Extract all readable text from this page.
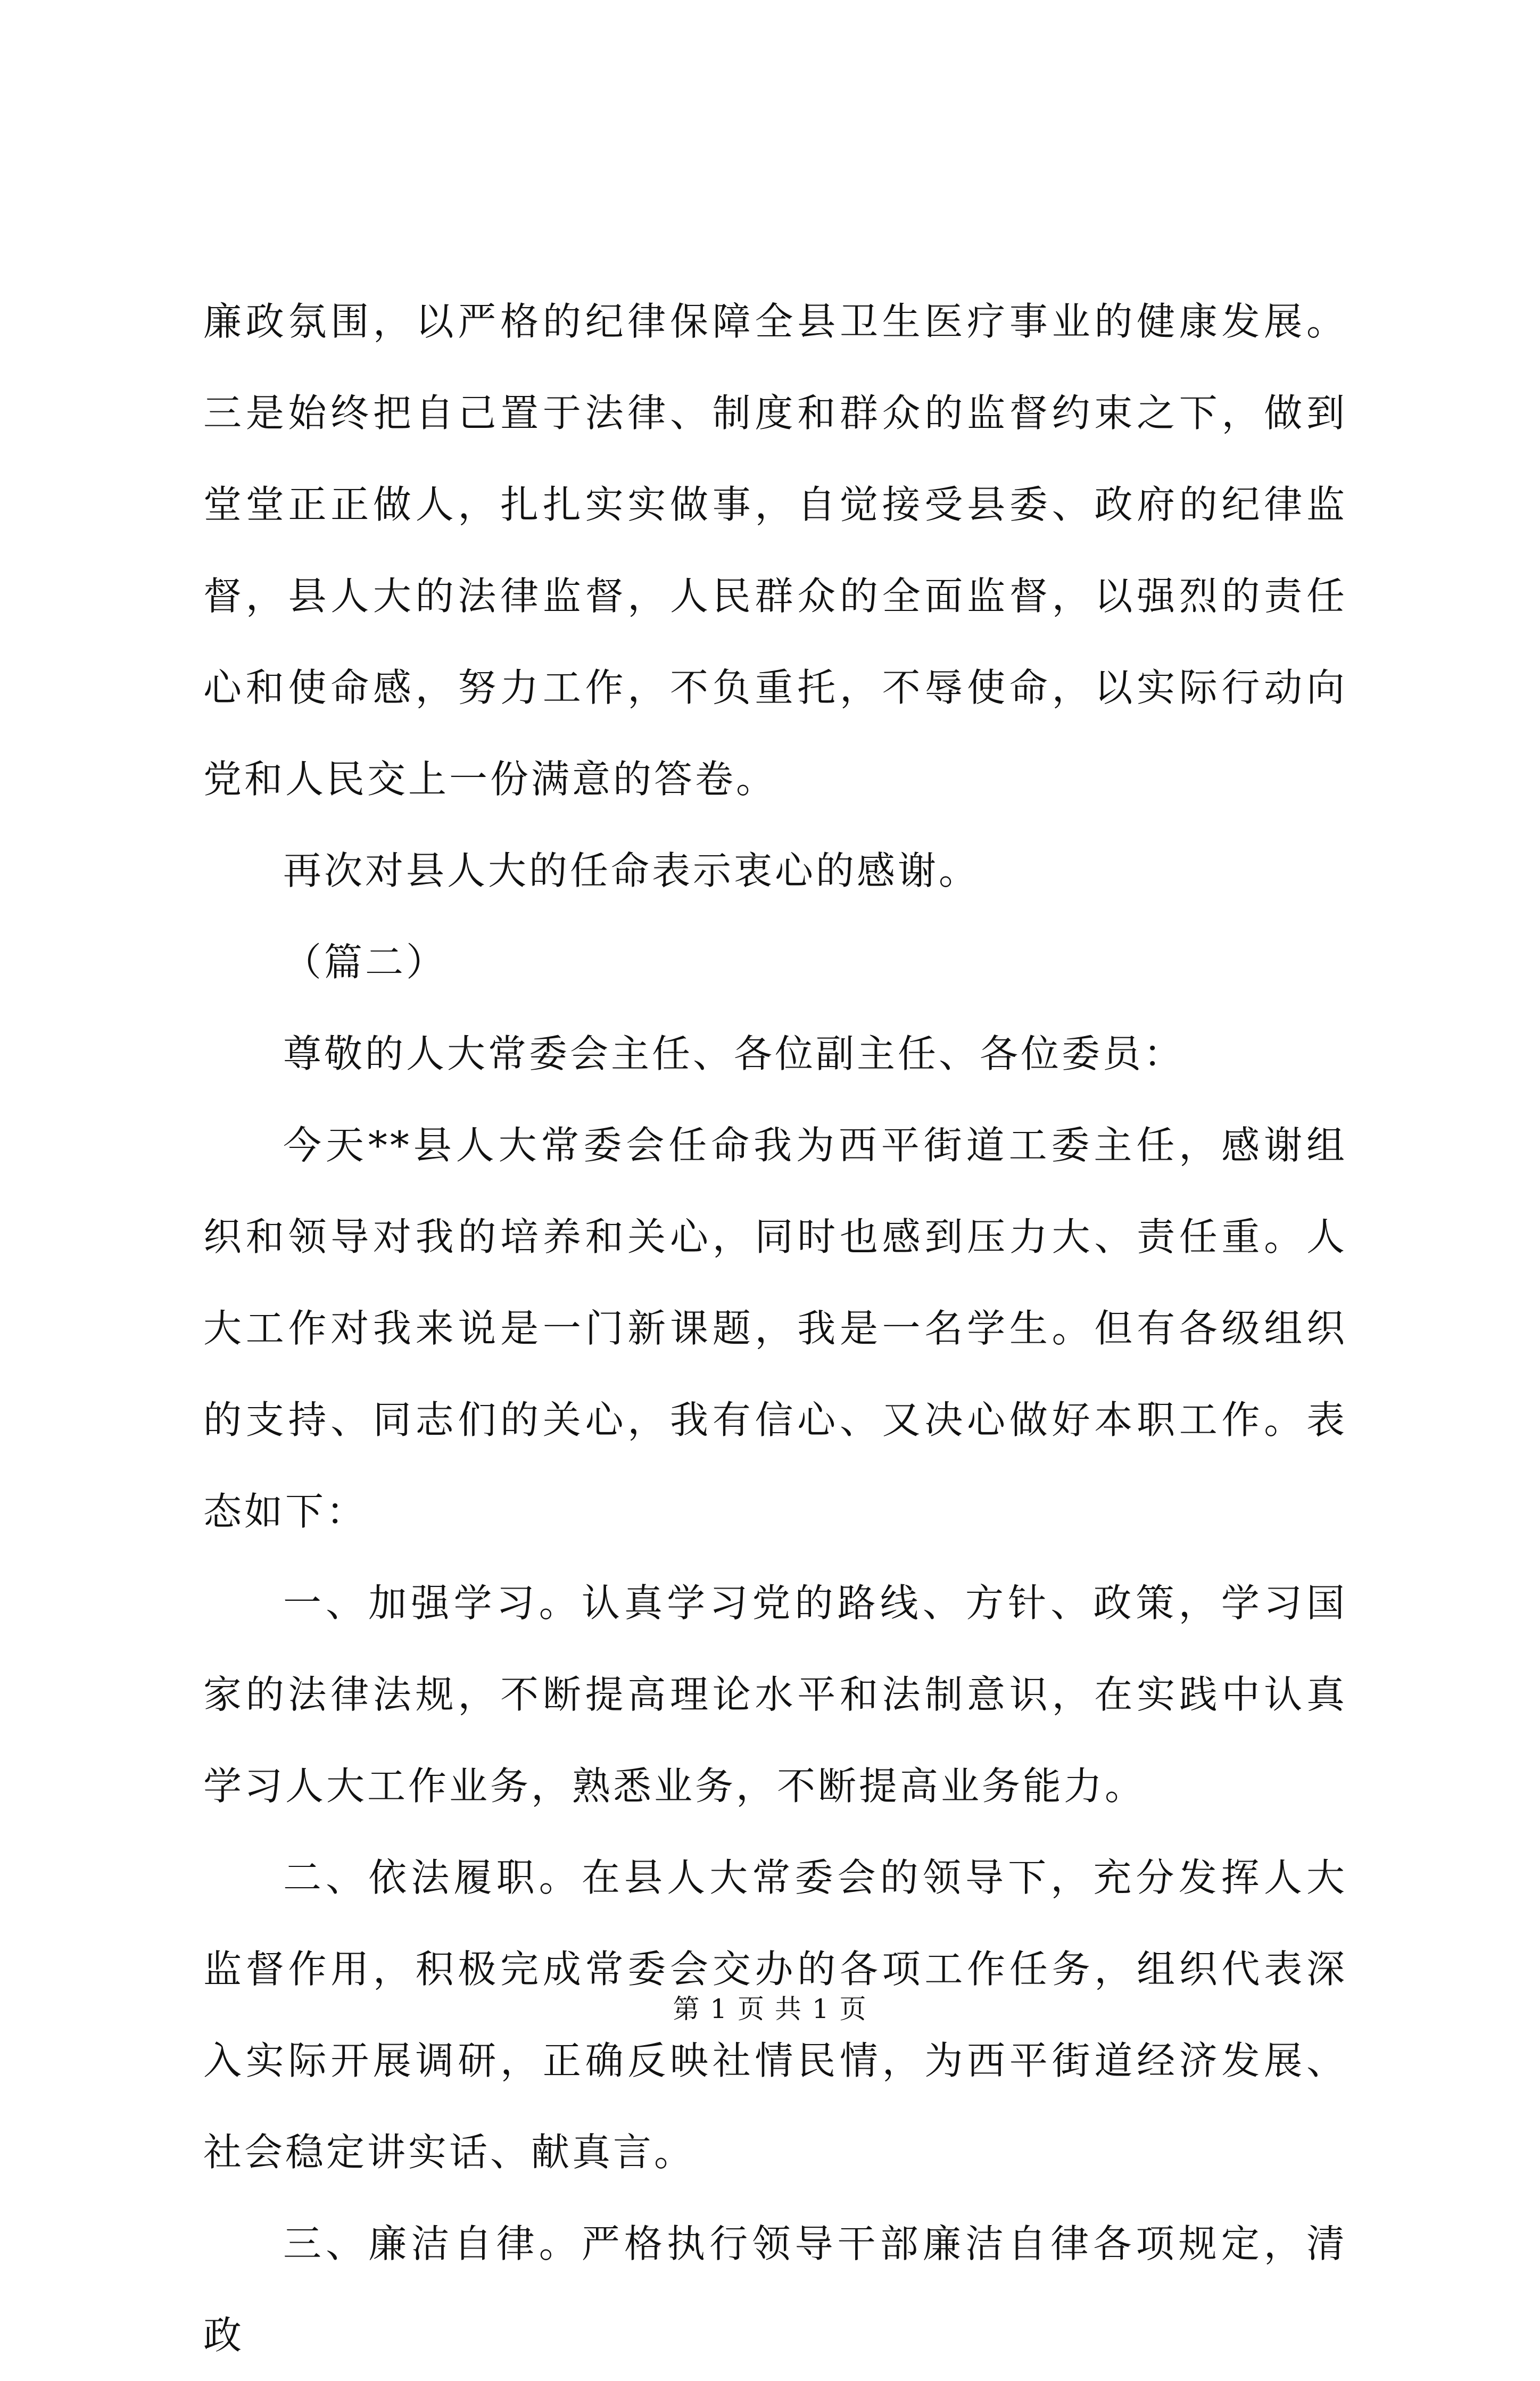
廉政氛围，以严格的纪律保障全县卫生医疗事业的健康发展。三是始终把自己置于法律、制度和群众的监督约束之下，做到堂堂正正做人，扎扎实实做事，自觉接受县委、政府的纪律监督，县人大的法律监督，人民群众的全面监督，以强烈的责任心和使命感，努力工作，不负重托，不辱使命，以实际行动向党和人民交上一份满意的答卷。

再次对县人大的任命表示衷心的感谢。

（篇二）

尊敬的人大常委会主任、各位副主任、各位委员：

今天**县人大常委会任命我为西平街道工委主任，感谢组织和领导对我的培养和关心，同时也感到压力大、责任重。人大工作对我来说是一门新课题，我是一名学生。但有各级组织的支持、同志们的关心，我有信心、又决心做好本职工作。表态如下：

一、加强学习。认真学习党的路线、方针、政策，学习国家的法律法规，不断提高理论水平和法制意识，在实践中认真学习人大工作业务，熟悉业务，不断提高业务能力。

二、依法履职。在县人大常委会的领导下，充分发挥人大监督作用，积极完成常委会交办的各项工作任务，组织代表深入实际开展调研，正确反映社情民情，为西平街道经济发展、社会稳定讲实话、献真言。

三、廉洁自律。严格执行领导干部廉洁自律各项规定，清政

第 1 页 共 1 页
